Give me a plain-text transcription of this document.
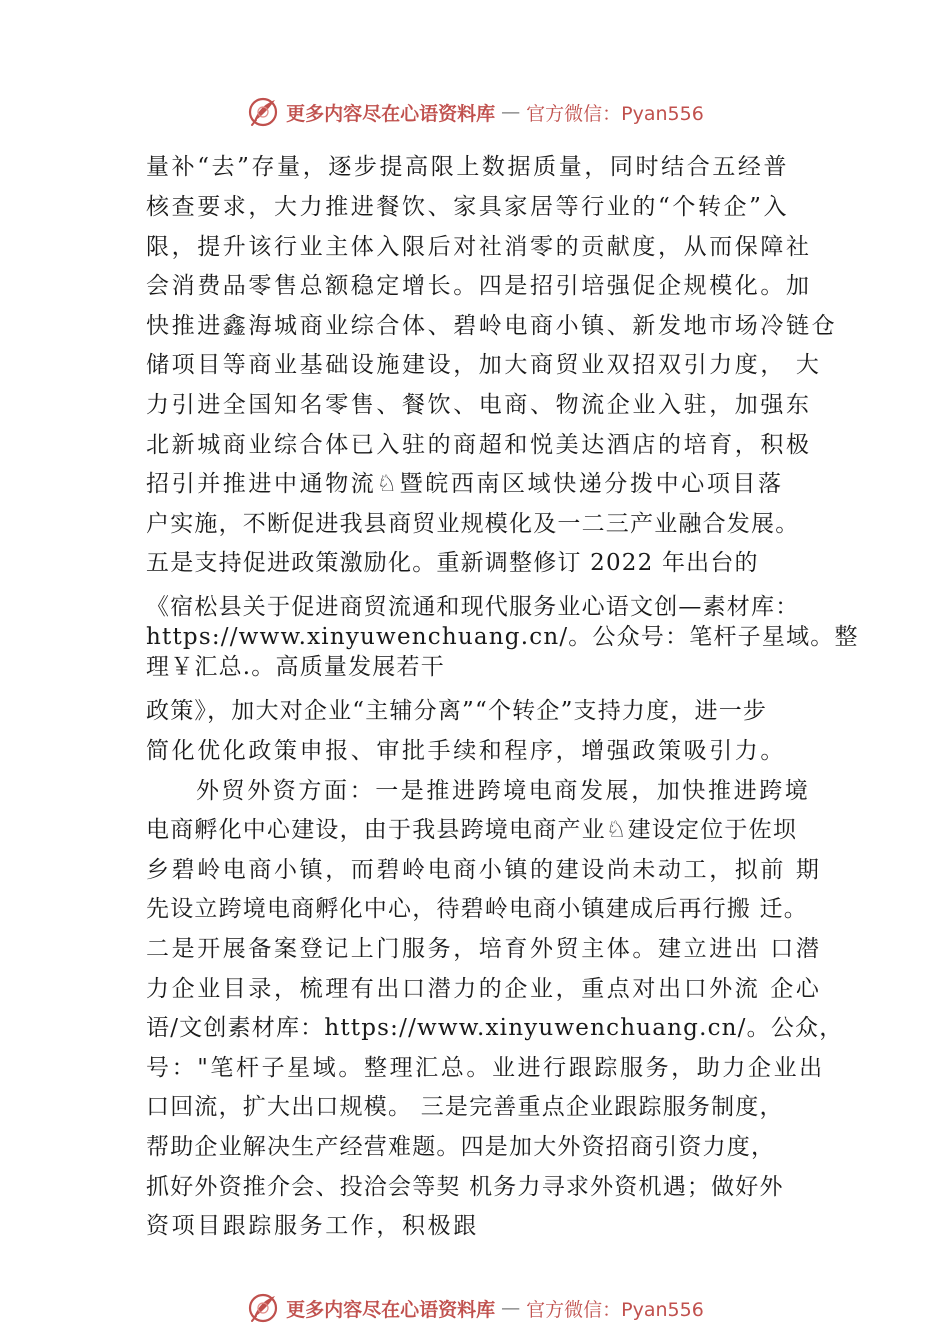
更多内容尽在心语资料库 — 官方微信：Pyan556
量补“去”存量，逐步提高限上数据质量，同时结合五经普
核查要求，大力推进餐饮、家具家居等行业的“个转企”入
限，提升该行业主体入限后对社消零的贡献度，从而保障社
会消费品零售总额稳定增长。四是招引培强促企规模化。加
快推进鑫海城商业综合体、碧岭电商小镇、新发地市场冷链仓
储项目等商业基础设施建设，加大商贸业双招双引力度， 大
力引进全国知名零售、餐饮、电商、物流企业入驻，加强东
北新城商业综合体已入驻的商超和悦美达酒店的培育，积极
招引并推进中通物流♘暨皖西南区域快递分拨中心项目落
户实施，不断促进我县商贸业规模化及一二三产业融合发展。
五是支持促进政策激励化。重新调整修订 2022 年出台的
《宿松县关于促进商贸流通和现代服务业心语文创—素材库：
https://www.xinyuwenchuang.cn/。公众号：笔杆子星域。整
理￥汇总.。高质量发展若干
政策》，加大对企业“主辅分离”“个转企”支持力度，进一步
简化优化政策申报、审批手续和程序，增强政策吸引力。
外贸外资方面：一是推进跨境电商发展，加快推进跨境
电商孵化中心建设，由于我县跨境电商产业♘建设定位于佐坝
乡碧岭电商小镇，而碧岭电商小镇的建设尚未动工，拟前 期
先设立跨境电商孵化中心，待碧岭电商小镇建成后再行搬 迁。
二是开展备案登记上门服务，培育外贸主体。建立进出 口潜
力企业目录，梳理有出口潜力的企业，重点对出口外流 企心
语/文创素材库：https://www.xinyuwenchuang.cn/。公众，
号："笔杆子星域。整理汇总。业进行跟踪服务，助力企业出
口回流，扩大出口规模。 三是完善重点企业跟踪服务制度，
帮助企业解决生产经营难题。四是加大外资招商引资力度，
抓好外资推介会、投洽会等契 机务力寻求外资机遇；做好外
资项目跟踪服务工作，积极跟
更多内容尽在心语资料库 — 官方微信：Pyan556
